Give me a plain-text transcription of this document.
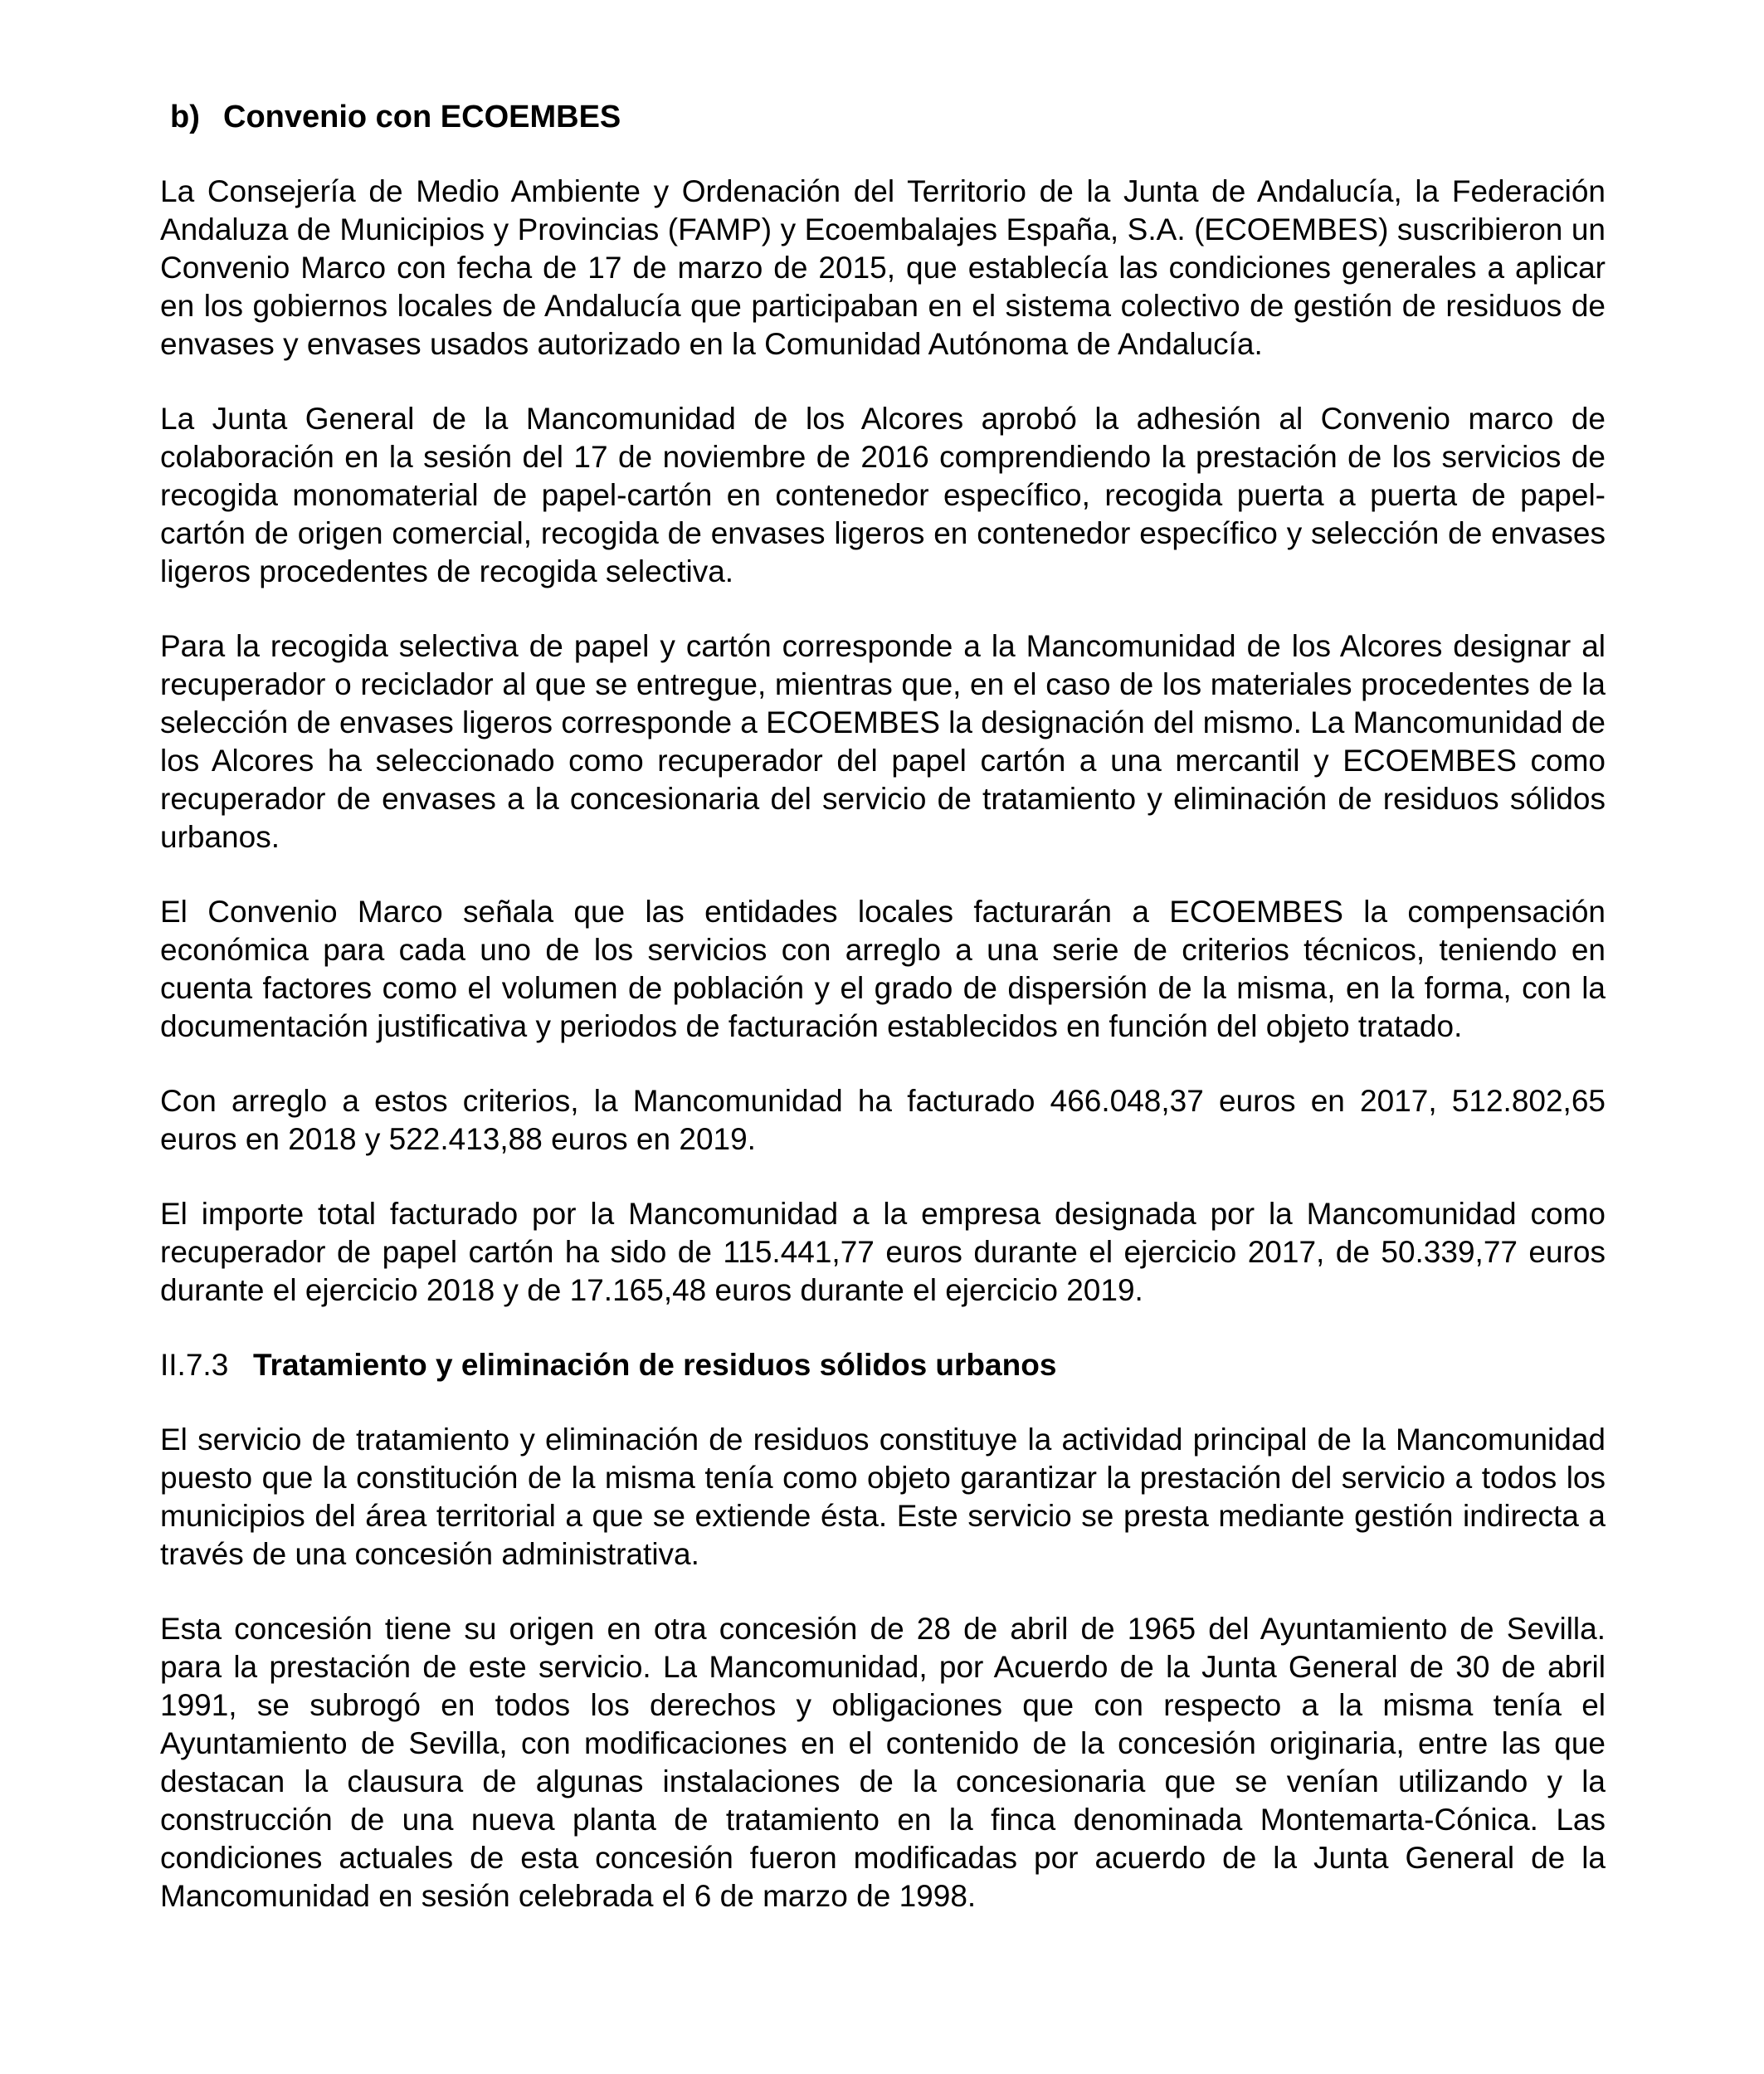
b) Convenio con ECOEMBES

La Consejería de Medio Ambiente y Ordenación del Territorio de la Junta de Andalucía, la Federación Andaluza de Municipios y Provincias (FAMP) y Ecoembalajes España, S.A. (ECOEMBES) suscribieron un Convenio Marco con fecha de 17 de marzo de 2015, que establecía las condiciones generales a aplicar en los gobiernos locales de Andalucía que participaban en el sistema colectivo de gestión de residuos de envases y envases usados autorizado en la Comunidad Autónoma de Andalucía.

La Junta General de la Mancomunidad de los Alcores aprobó la adhesión al Convenio marco de colaboración en la sesión del 17 de noviembre de 2016 comprendiendo la prestación de los servicios de recogida monomaterial de papel-cartón en contenedor específico, recogida puerta a puerta de papel-cartón de origen comercial, recogida de envases ligeros en contenedor específico y selección de envases ligeros procedentes de recogida selectiva.

Para la recogida selectiva de papel y cartón corresponde a la Mancomunidad de los Alcores designar al recuperador o reciclador al que se entregue, mientras que, en el caso de los materiales procedentes de la selección de envases ligeros corresponde a ECOEMBES la designación del mismo. La Mancomunidad de los Alcores ha seleccionado como recuperador del papel cartón a una mercantil y ECOEMBES como recuperador de envases a la concesionaria del servicio de tratamiento y eliminación de residuos sólidos urbanos.

El Convenio Marco señala que las entidades locales facturarán a ECOEMBES la compensación económica para cada uno de los servicios con arreglo a una serie de criterios técnicos, teniendo en cuenta factores como el volumen de población y el grado de dispersión de la misma, en la forma, con la documentación justificativa y periodos de facturación establecidos en función del objeto tratado.

Con arreglo a estos criterios, la Mancomunidad ha facturado 466.048,37 euros en 2017, 512.802,65 euros en 2018 y 522.413,88 euros en 2019.

El importe total facturado por la Mancomunidad a la empresa designada por la Mancomunidad como recuperador de papel cartón ha sido de 115.441,77 euros durante el ejercicio 2017, de 50.339,77 euros durante el ejercicio 2018 y de 17.165,48 euros durante el ejercicio 2019.

II.7.3 Tratamiento y eliminación de residuos sólidos urbanos

El servicio de tratamiento y eliminación de residuos constituye la actividad principal de la Mancomunidad puesto que la constitución de la misma tenía como objeto garantizar la prestación del servicio a todos los municipios del área territorial a que se extiende ésta. Este servicio se presta mediante gestión indirecta a través de una concesión administrativa.

Esta concesión tiene su origen en otra concesión de 28 de abril de 1965 del Ayuntamiento de Sevilla. para la prestación de este servicio. La Mancomunidad, por Acuerdo de la Junta General de 30 de abril 1991, se subrogó en todos los derechos y obligaciones que con respecto a la misma tenía el Ayuntamiento de Sevilla, con modificaciones en el contenido de la concesión originaria, entre las que destacan la clausura de algunas instalaciones de la concesionaria que se venían utilizando y la construcción de una nueva planta de tratamiento en la finca denominada Montemarta-Cónica. Las condiciones actuales de esta concesión fueron modificadas por acuerdo de la Junta General de la Mancomunidad en sesión celebrada el 6 de marzo de 1998.
